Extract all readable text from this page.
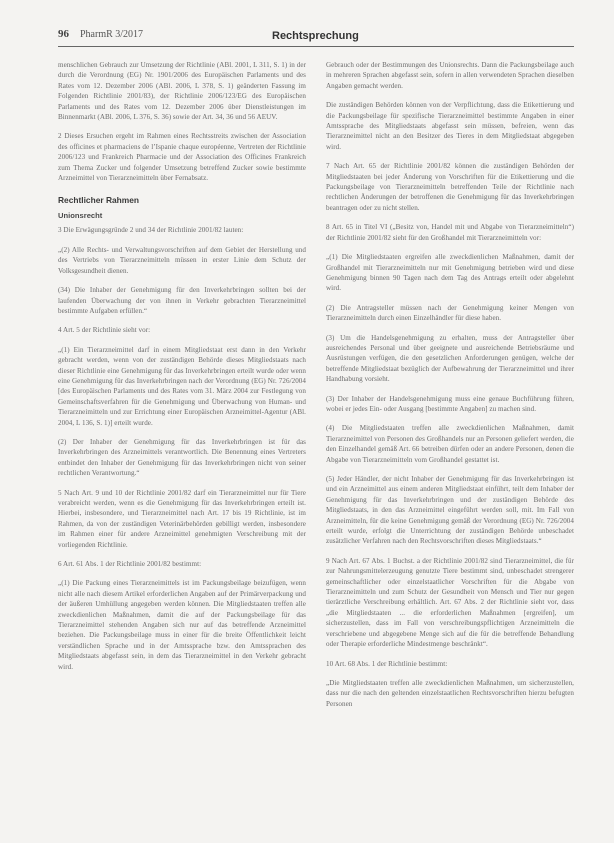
96 PharmR 3/2017	Rechtsprechung

menschlichen Gebrauch zur Umsetzung der Richtlinie (ABl. 2001, L 311, S. 1) in der durch die Verordnung (EG) Nr. 1901/2006 des Europäischen Parlaments und des Rates vom 12. Dezember 2006 (ABl. 2006, L 378, S. 1) geänderten Fassung im Folgenden Richtlinie 2001/83), der Richtlinie 2006/123/EG des Europäischen Parlaments und des Rates vom 12. Dezember 2006 über Dienstleistungen im Binnenmarkt (ABl. 2006, L 376, S. 36) sowie der Art. 34, 36 und 56 AEUV.

2 Dieses Ersuchen ergeht im Rahmen eines Rechtsstreits zwischen der Association des officines et pharmaciens de l’Ispanie chaque européenne, Vertreten der Richtlinie 2006/123 und Frankreich Pharmacie und der Association des Officines Frankreich zum Thema Zucker und folgender Umsetzung betreffend Zucker sowie bestimmte Arzneimittel von Tierarzneimitteln über Fernabsatz.

Rechtlicher Rahmen
Unionsrecht

3 Die Erwägungsgründe 2 und 34 der Richtlinie 2001/82 lauten:

„(2) Alle Rechts- und Verwaltungsvorschriften auf dem Gebiet der Herstellung und des Vertriebs von Tierarzneimitteln müssen in erster Linie dem Schutz der Volksgesundheit dienen.

(34) Die Inhaber der Genehmigung für den Inverkehrbringen sollten bei der laufenden Überwachung der von ihnen in Verkehr gebrachten Tierarzneimittel bestimmte Aufgaben erfüllen.“

4 Art. 5 der Richtlinie sieht vor:

„(1) Ein Tierarzneimittel darf in einem Mitgliedstaat erst dann in den Verkehr gebracht werden, wenn von der zuständigen Behörde dieses Mitgliedstaats nach dieser Richtlinie eine Genehmigung für das Inverkehrbringen erteilt wurde oder wenn eine Genehmigung für das Inverkehrbringen nach der Verordnung (EG) Nr. 726/2004 [des Europäischen Parlaments und des Rates vom 31. März 2004 zur Festlegung von Gemeinschaftsverfahren für die Genehmigung und Überwachung von Human- und Tierarzneimitteln und zur Errichtung einer Europäischen Arzneimittel-Agentur (ABl. 2004, L 136, S. 1)] erteilt wurde.

(2) Der Inhaber der Genehmigung für das Inverkehrbringen ist für das Inverkehrbringen des Arzneimittels verantwortlich. Die Benennung eines Vertreters entbindet den Inhaber der Genehmigung für das Inverkehrbringen nicht von seiner rechtlichen Verantwortung.“

5 Nach Art. 9 und 10 der Richtlinie 2001/82 darf ein Tierarzneimittel nur für Tiere verabreicht werden, wenn es die Genehmigung für das Inverkehrbringen erteilt ist. Hierbei, insbesondere, und Tierarzneimittel nach Art. 17 bis 19 Richtlinie, ist im Rahmen, da von der zuständigen Veterinärbehörden gebilligt werden, insbesondere im Rahmen einer für andere Arzneimittel genehmigten Verschreibung mit der vorliegenden Richtlinie.

6 Art. 61 Abs. 1 der Richtlinie 2001/82 bestimmt:

„(1) Die Packung eines Tierarzneimittels ist im Packungsbeilage beizufügen, wenn nicht alle nach diesem Artikel erforderlichen Angaben auf der Primärverpackung und der äußeren Umhüllung angegeben werden können. Die Mitgliedstaaten treffen alle zweckdienlichen Maßnahmen, damit die auf der Packungsbeilage für das Tierarzneimittel stehenden Angaben sich nur auf das betreffende Arzneimittel beziehen. Die Packungsbeilage muss in einer für die breite Öffentlichkeit leicht verständlichen Sprache und in der Amtssprache bzw. den Amtssprachen des Mitgliedstaats abgefasst sein, in dem das Tierarzneimittel in den Verkehr gebracht wird.

Gebrauch oder der Bestimmungen des Unionsrechts. Dann die Packungsbeilage auch in mehreren Sprachen abgefasst sein, sofern in allen verwendeten Sprachen dieselben Angaben gemacht werden.

Die zuständigen Behörden können von der Verpflichtung, dass die Etikettierung und die Packungsbeilage für spezifische Tierarzneimittel bestimmte Angaben in einer Amtssprache des Mitgliedstaats abgefasst sein müssen, befreien, wenn das Tierarzneimittel nicht an den Besitzer des Tieres in dem Mitgliedstaat abgegeben wird.

7 Nach Art. 65 der Richtlinie 2001/82 können die zuständigen Behörden der Mitgliedstaaten bei jeder Änderung von Vorschriften für die Etikettierung und die Packungsbeilage von Tierarzneimitteln betreffenden Teile der Richtlinie nach rechtlichen Änderungen der betroffenen die Genehmigung für das Inverkehrbringen beantragen oder zu nicht stellen.

8 Art. 65 in Titel VI („Besitz von, Handel mit und Abgabe von Tierarzneimitteln“) der Richtlinie 2001/82 sieht für den Großhandel mit Tierarzneimitteln vor:

„(1) Die Mitgliedstaaten ergreifen alle zweckdienlichen Maßnahmen, damit der Großhandel mit Tierarzneimitteln nur mit Genehmigung betrieben wird und diese Genehmigung binnen 90 Tagen nach dem Tag des Antrags erteilt oder abgelehnt wird.

(2) Die Antragsteller müssen nach der Genehmigung keiner Mengen von Tierarzneimitteln durch einen Einzelhändler für diese haben.

(3) Um die Handelsgenehmigung zu erhalten, muss der Antragsteller über ausreichendes Personal und über geeignete und ausreichende Betriebsräume und Ausrüstungen verfügen, die den gesetzlichen Anforderungen genügen, welche der betreffende Mitgliedstaat bezüglich der Aufbewahrung der Tierarzneimittel und ihrer Handhabung vorsieht.

(3) Der Inhaber der Handelsgenehmigung muss eine genaue Buchführung führen, wobei er jedes Ein- oder Ausgang [bestimmte Angaben] zu machen sind.

(4) Die Mitgliedstaaten treffen alle zweckdienlichen Maßnahmen, damit Tierarzneimittel von Personen des Großhandels nur an Personen geliefert werden, die den Einzelhandel gemäß Art. 66 betreiben dürfen oder an andere Personen, denen die Abgabe von Tierarzneimitteln vom Großhandel gestattet ist.

(5) Jeder Händler, der nicht Inhaber der Genehmigung für das Inverkehrbringen ist und ein Arzneimittel aus einem anderen Mitgliedstaat einführt, teilt dem Inhaber der Genehmigung für das Inverkehrbringen und der zuständigen Behörde des Mitgliedstaats, in den das Arzneimittel eingeführt werden soll, mit. Im Fall von Arzneimitteln, für die keine Genehmigung gemäß der Verordnung (EG) Nr. 726/2004 erteilt wurde, erfolgt die Unterrichtung der zuständigen Behörde unbeschadet zusätzlicher Verfahren nach den Rechtsvorschriften dieses Mitgliedstaats.“

9 Nach Art. 67 Abs. 1 Buchst. a der Richtlinie 2001/82 sind Tierarzneimittel, die für zur Nahrungsmittelerzeugung genutzte Tiere bestimmt sind, unbeschadet strengerer gemeinschaftlicher oder einzelstaatlicher Vorschriften für die Abgabe von Tierarzneimitteln und zum Schutz der Gesundheit von Mensch und Tier nur gegen tierärztliche Verschreibung erhältlich. Art. 67 Abs. 2 der Richtlinie sieht vor, dass „die Mitgliedstaaten ... die erforderlichen Maßnahmen [ergreifen], um sicherzustellen, dass im Fall von verschreibungspflichtigen Arzneimitteln die verschriebene und abgegebene Menge sich auf die für die betreffende Behandlung oder Therapie erforderliche Mindestmenge beschränkt“.

10 Art. 68 Abs. 1 der Richtlinie bestimmt:

„Die Mitgliedstaaten treffen alle zweckdienlichen Maßnahmen, um sicherzustellen, dass nur die nach den geltenden einzelstaatlichen Rechtsvorschriften hierzu befugten Personen
